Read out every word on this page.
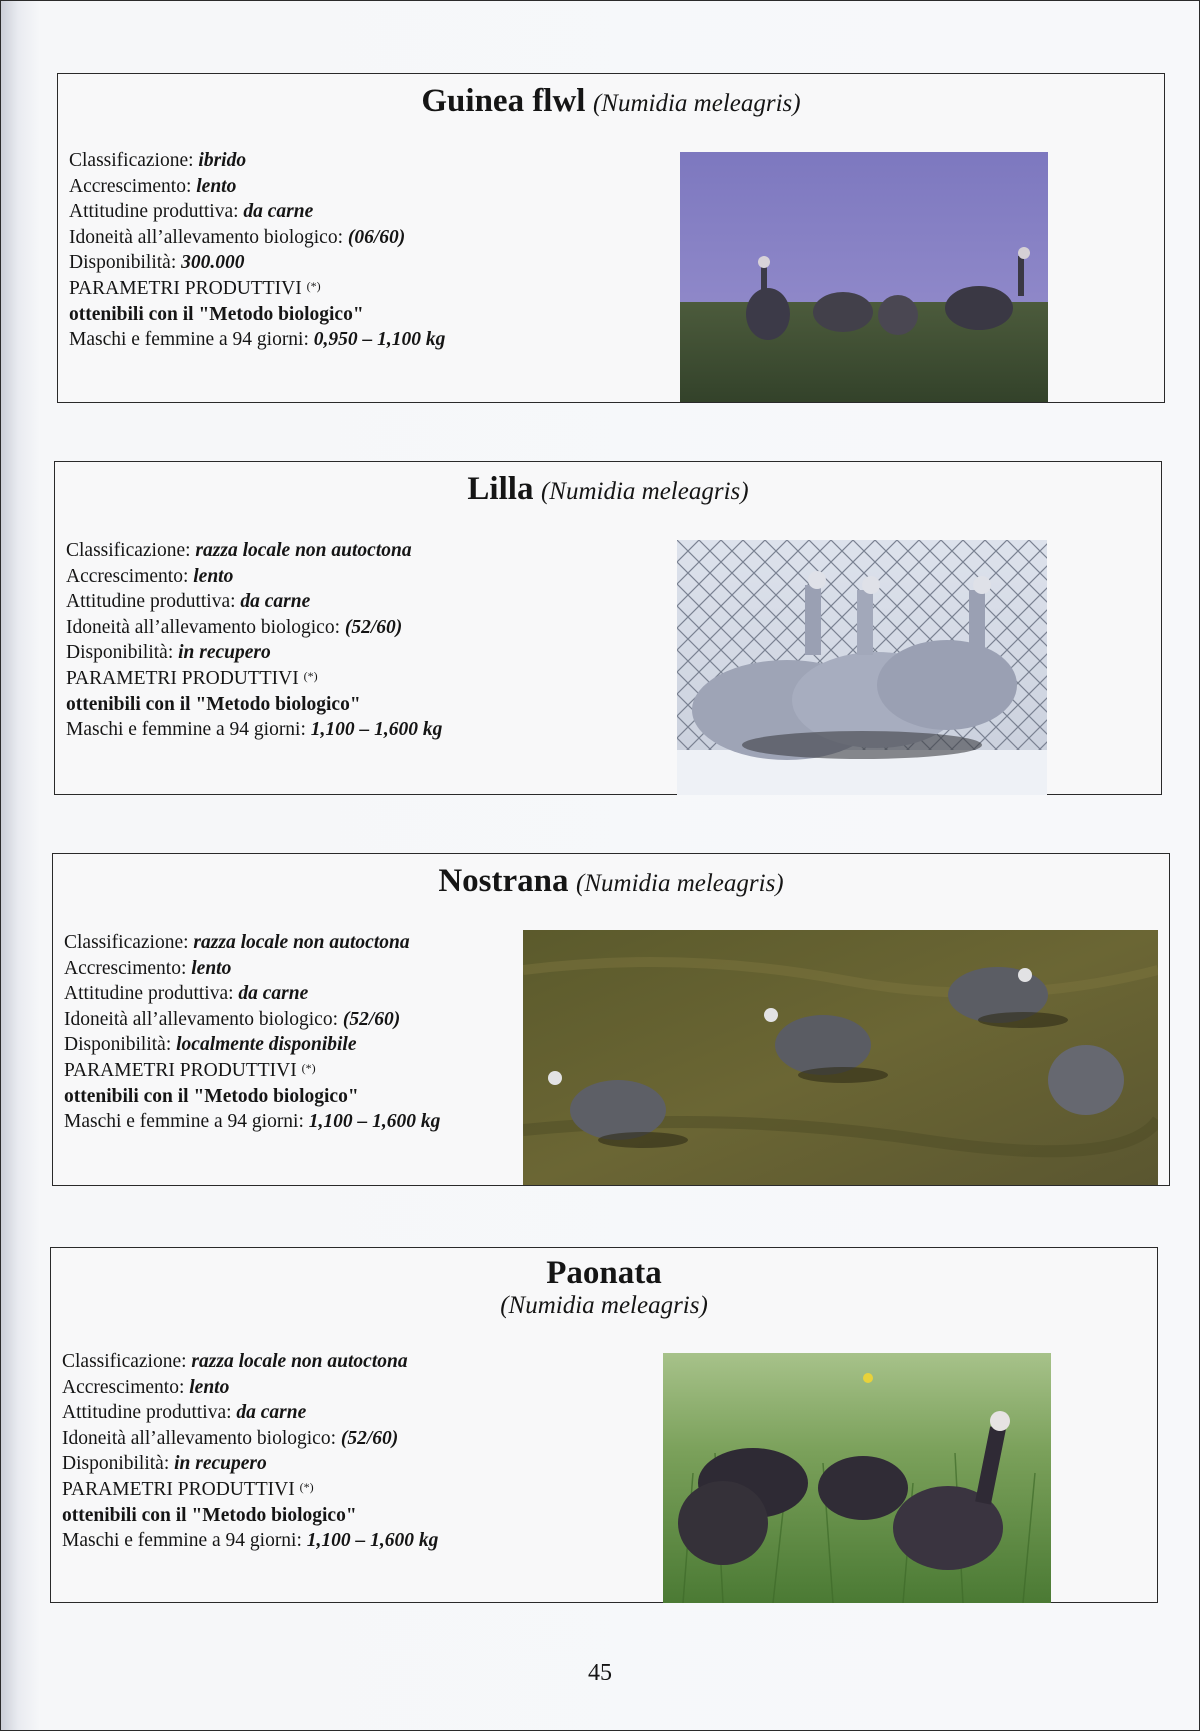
Guinea flwl (Numidia meleagris)
Classificazione: ibrido
Accrescimento: lento
Attitudine produttiva: da carne
Idoneità all’allevamento biologico: (06/60)
Disponibilità: 300.000
PARAMETRI PRODUTTIVI (*)
ottenibili con il "Metodo biologico"
Maschi e femmine a 94 giorni: 0,950 – 1,100 kg
Lilla (Numidia meleagris)
Classificazione: razza locale non autoctona
Accrescimento: lento
Attitudine produttiva: da carne
Idoneità all’allevamento biologico: (52/60)
Disponibilità: in recupero
PARAMETRI PRODUTTIVI (*)
ottenibili con il "Metodo biologico"
Maschi e femmine a 94 giorni: 1,100 – 1,600 kg
Nostrana (Numidia meleagris)
Classificazione: razza locale non autoctona
Accrescimento: lento
Attitudine produttiva: da carne
Idoneità all’allevamento biologico: (52/60)
Disponibilità: localmente disponibile
PARAMETRI PRODUTTIVI (*)
ottenibili con il "Metodo biologico"
Maschi e femmine a 94 giorni: 1,100 – 1,600 kg
Paonata
(Numidia meleagris)
Classificazione: razza locale non autoctona
Accrescimento: lento
Attitudine produttiva: da carne
Idoneità all’allevamento biologico: (52/60)
Disponibilità: in recupero
PARAMETRI PRODUTTIVI (*)
ottenibili con il "Metodo biologico"
Maschi e femmine a 94 giorni: 1,100 – 1,600 kg
45
